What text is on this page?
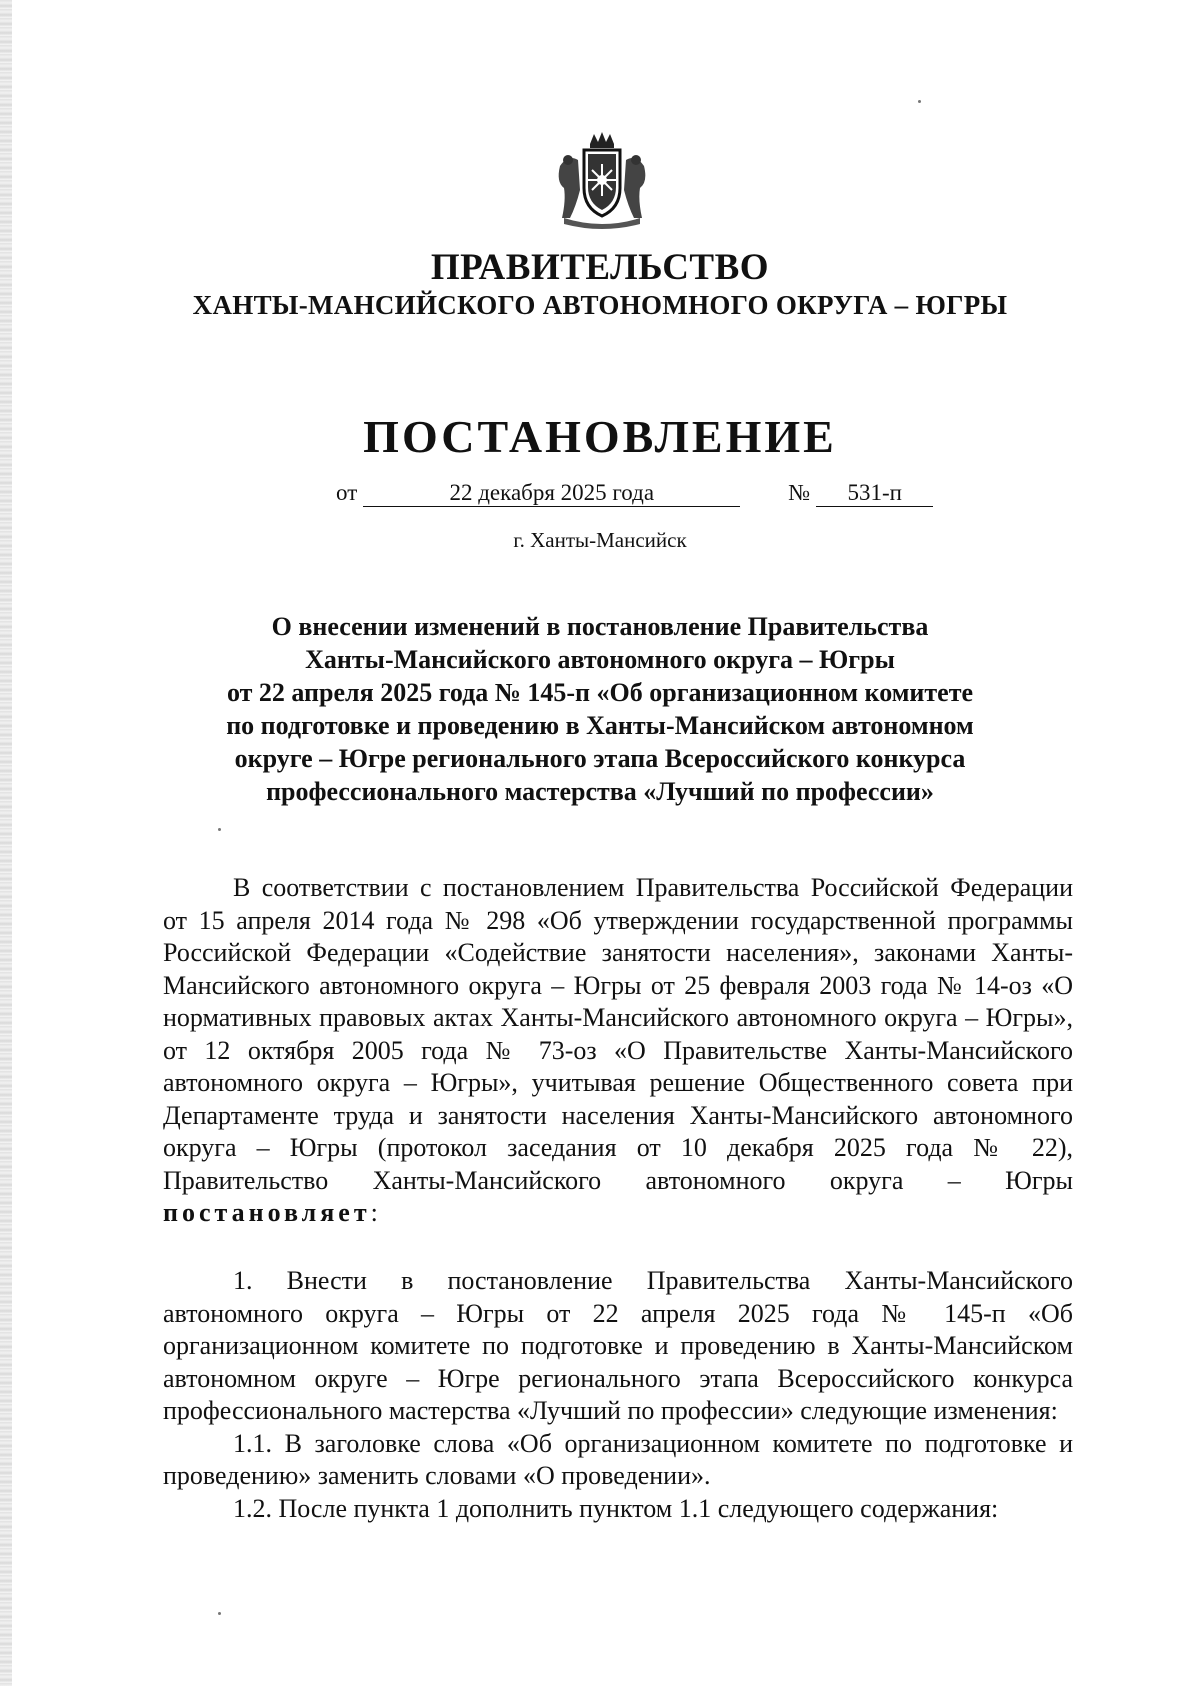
ПРАВИТЕЛЬСТВО
ХАНТЫ-МАНСИЙСКОГО АВТОНОМНОГО ОКРУГА – ЮГРЫ
ПОСТАНОВЛЕНИЕ
от	22 декабря 2025 года	№ 531-п
г. Ханты-Мансийск
О внесении изменений в постановление Правительства
Ханты-Мансийского автономного округа – Югры
от 22 апреля 2025 года № 145-п «Об организационном комитете
по подготовке и проведению в Ханты-Мансийском автономном
округе – Югре регионального этапа Всероссийского конкурса
профессионального мастерства «Лучший по профессии»

В соответствии с постановлением Правительства Российской Федерации от 15 апреля 2014 года № 298 «Об утверждении государственной программы Российской Федерации «Содействие занятости населения», законами Ханты-Мансийского автономного округа – Югры от 25 февраля 2003 года № 14-оз «О нормативных правовых актах Ханты-Мансийского автономного округа – Югры», от 12 октября 2005 года № 73-оз «О Правительстве Ханты-Мансийского автономного округа – Югры», учитывая решение Общественного совета при Департаменте труда и занятости населения Ханты-Мансийского автономного округа – Югры (протокол заседания от 10 декабря 2025 года № 22), Правительство Ханты-Мансийского автономного округа – Югры постановляет:

1. Внести в постановление Правительства Ханты-Мансийского автономного округа – Югры от 22 апреля 2025 года № 145-п «Об организационном комитете по подготовке и проведению в Ханты-Мансийском автономном округе – Югре регионального этапа Всероссийского конкурса профессионального мастерства «Лучший по профессии» следующие изменения:

1.1. В заголовке слова «Об организационном комитете по подготовке и проведению» заменить словами «О проведении».

1.2. После пункта 1 дополнить пунктом 1.1 следующего содержания:
